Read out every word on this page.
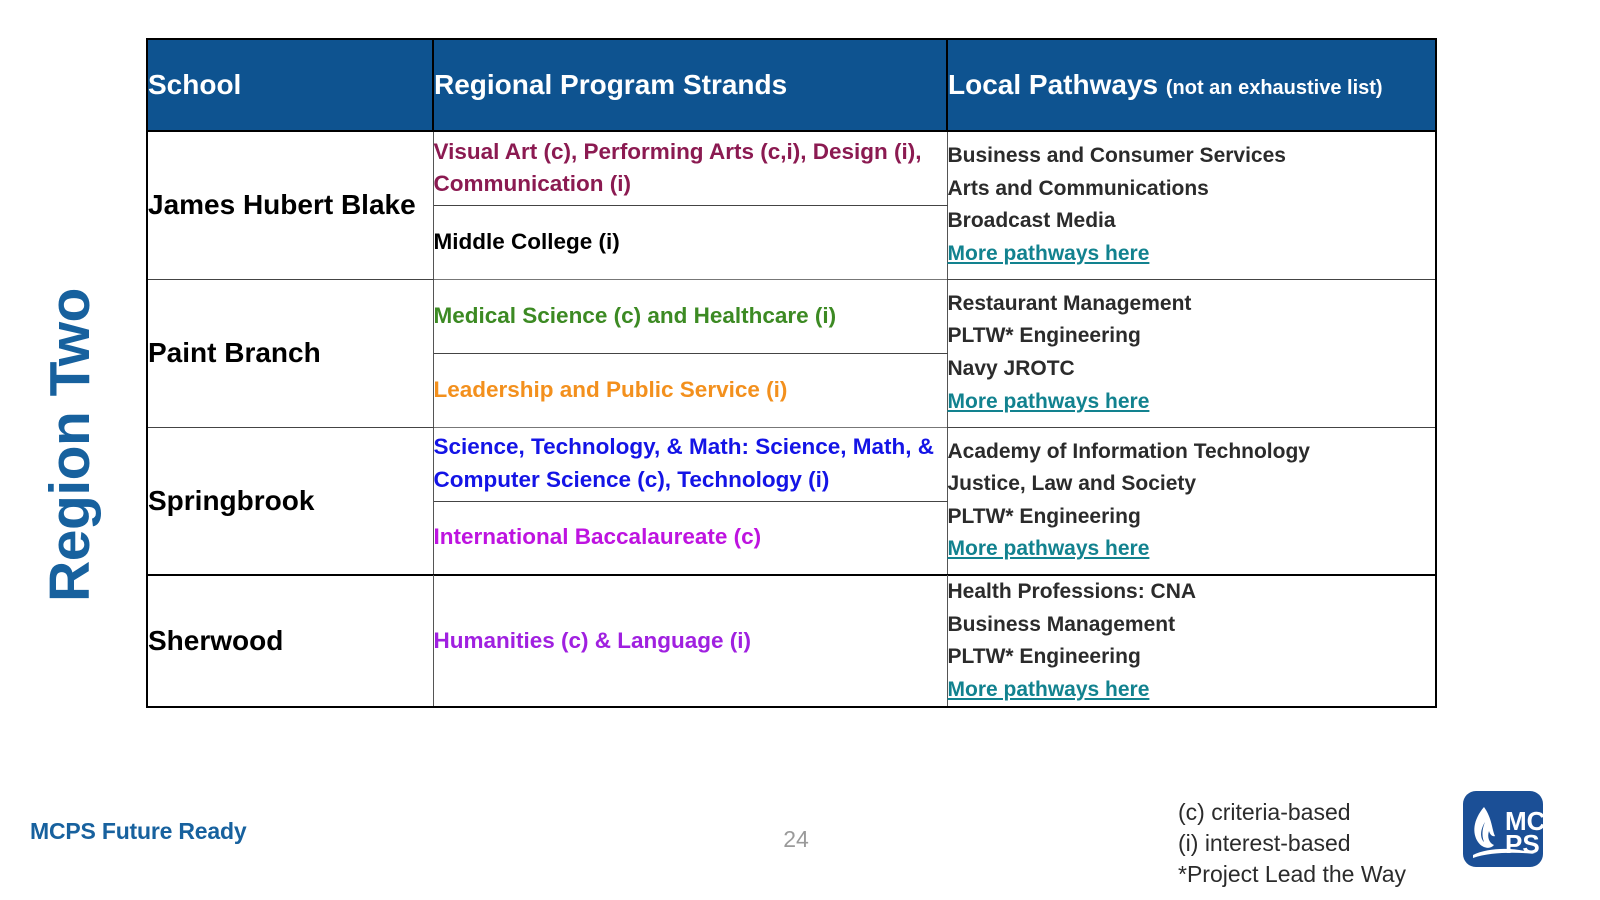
Region Two
School	Regional Program Strands	Local Pathways (not an exhaustive list)
James Hubert Blake	Visual Art (c), Performing Arts (c,i), Design (i), Communication (i)	Business and Consumer Services
Arts and Communications
Broadcast Media
More pathways here

	Middle College (i)	
Paint Branch	Medical Science (c) and Healthcare (i)	Restaurant Management
PLTW* Engineering
Navy JROTC
More pathways here

	Leadership and Public Service (i)	
Springbrook	Science, Technology, & Math: Science, Math, & Computer Science (c), Technology (i)	Academy of Information Technology
Justice, Law and Society
PLTW* Engineering
More pathways here

	International Baccalaureate (c)	
Sherwood	Humanities (c) & Language (i)	Health Professions: CNA
Business Management
PLTW* Engineering
More pathways here

MCPS Future Ready	24
(c) criteria-based
(i) interest-based
*Project Lead the Way
MC
PS
